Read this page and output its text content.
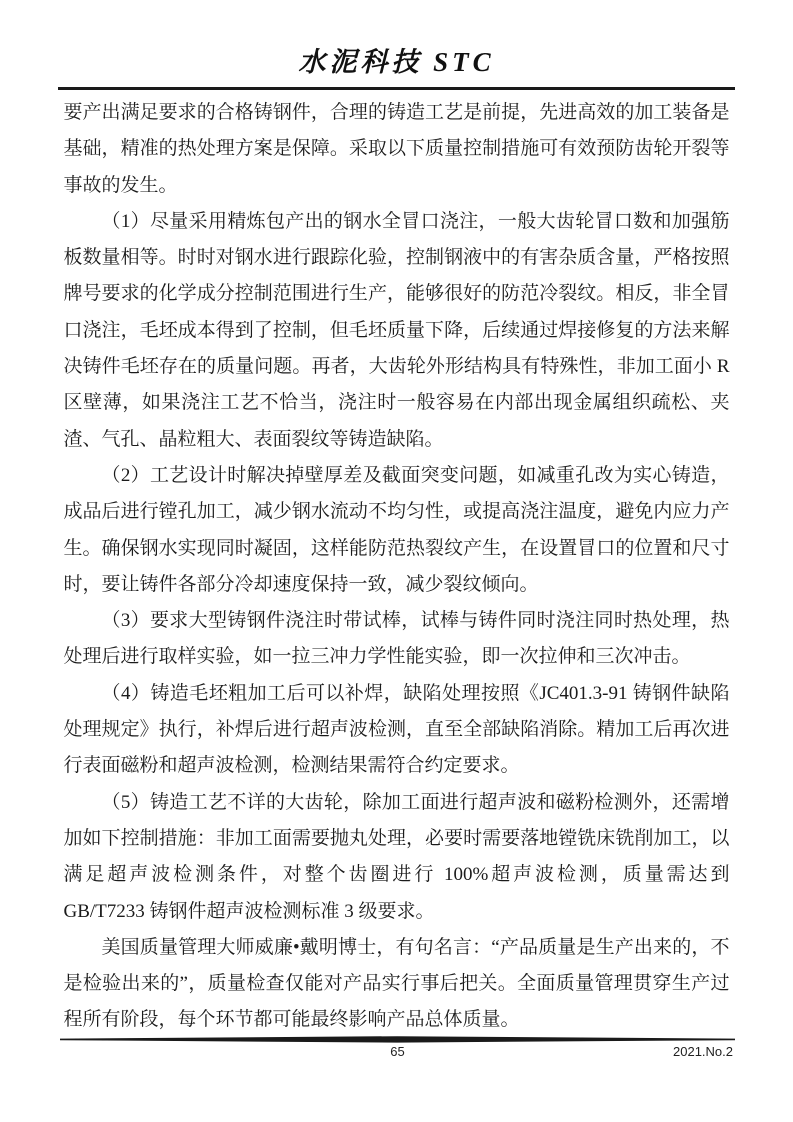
水泥科技 STC

要产出满足要求的合格铸钢件，合理的铸造工艺是前提，先进高效的加工装备是基础，精准的热处理方案是保障。采取以下质量控制措施可有效预防齿轮开裂等事故的发生。

（1）尽量采用精炼包产出的钢水全冒口浇注，一般大齿轮冒口数和加强筋板数量相等。时时对钢水进行跟踪化验，控制钢液中的有害杂质含量，严格按照牌号要求的化学成分控制范围进行生产，能够很好的防范冷裂纹。相反，非全冒口浇注，毛坯成本得到了控制，但毛坯质量下降，后续通过焊接修复的方法来解决铸件毛坯存在的质量问题。再者，大齿轮外形结构具有特殊性，非加工面小 R 区壁薄，如果浇注工艺不恰当，浇注时一般容易在内部出现金属组织疏松、夹渣、气孔、晶粒粗大、表面裂纹等铸造缺陷。

（2）工艺设计时解决掉壁厚差及截面突变问题，如减重孔改为实心铸造，成品后进行镗孔加工，减少钢水流动不均匀性，或提高浇注温度，避免内应力产生。确保钢水实现同时凝固，这样能防范热裂纹产生，在设置冒口的位置和尺寸时，要让铸件各部分冷却速度保持一致，减少裂纹倾向。

（3）要求大型铸钢件浇注时带试棒，试棒与铸件同时浇注同时热处理，热处理后进行取样实验，如一拉三冲力学性能实验，即一次拉伸和三次冲击。

（4）铸造毛坯粗加工后可以补焊，缺陷处理按照《JC401.3-91 铸钢件缺陷处理规定》执行，补焊后进行超声波检测，直至全部缺陷消除。精加工后再次进行表面磁粉和超声波检测，检测结果需符合约定要求。

（5）铸造工艺不详的大齿轮，除加工面进行超声波和磁粉检测外，还需增加如下控制措施：非加工面需要抛丸处理，必要时需要落地镗铣床铣削加工，以满足超声波检测条件，对整个齿圈进行 100%超声波检测，质量需达到 GB/T7233 铸钢件超声波检测标准 3 级要求。

美国质量管理大师威廉•戴明博士，有句名言：“产品质量是生产出来的，不是检验出来的”，质量检查仅能对产品实行事后把关。全面质量管理贯穿生产过程所有阶段，每个环节都可能最终影响产品总体质量。

65	2021.No.2
